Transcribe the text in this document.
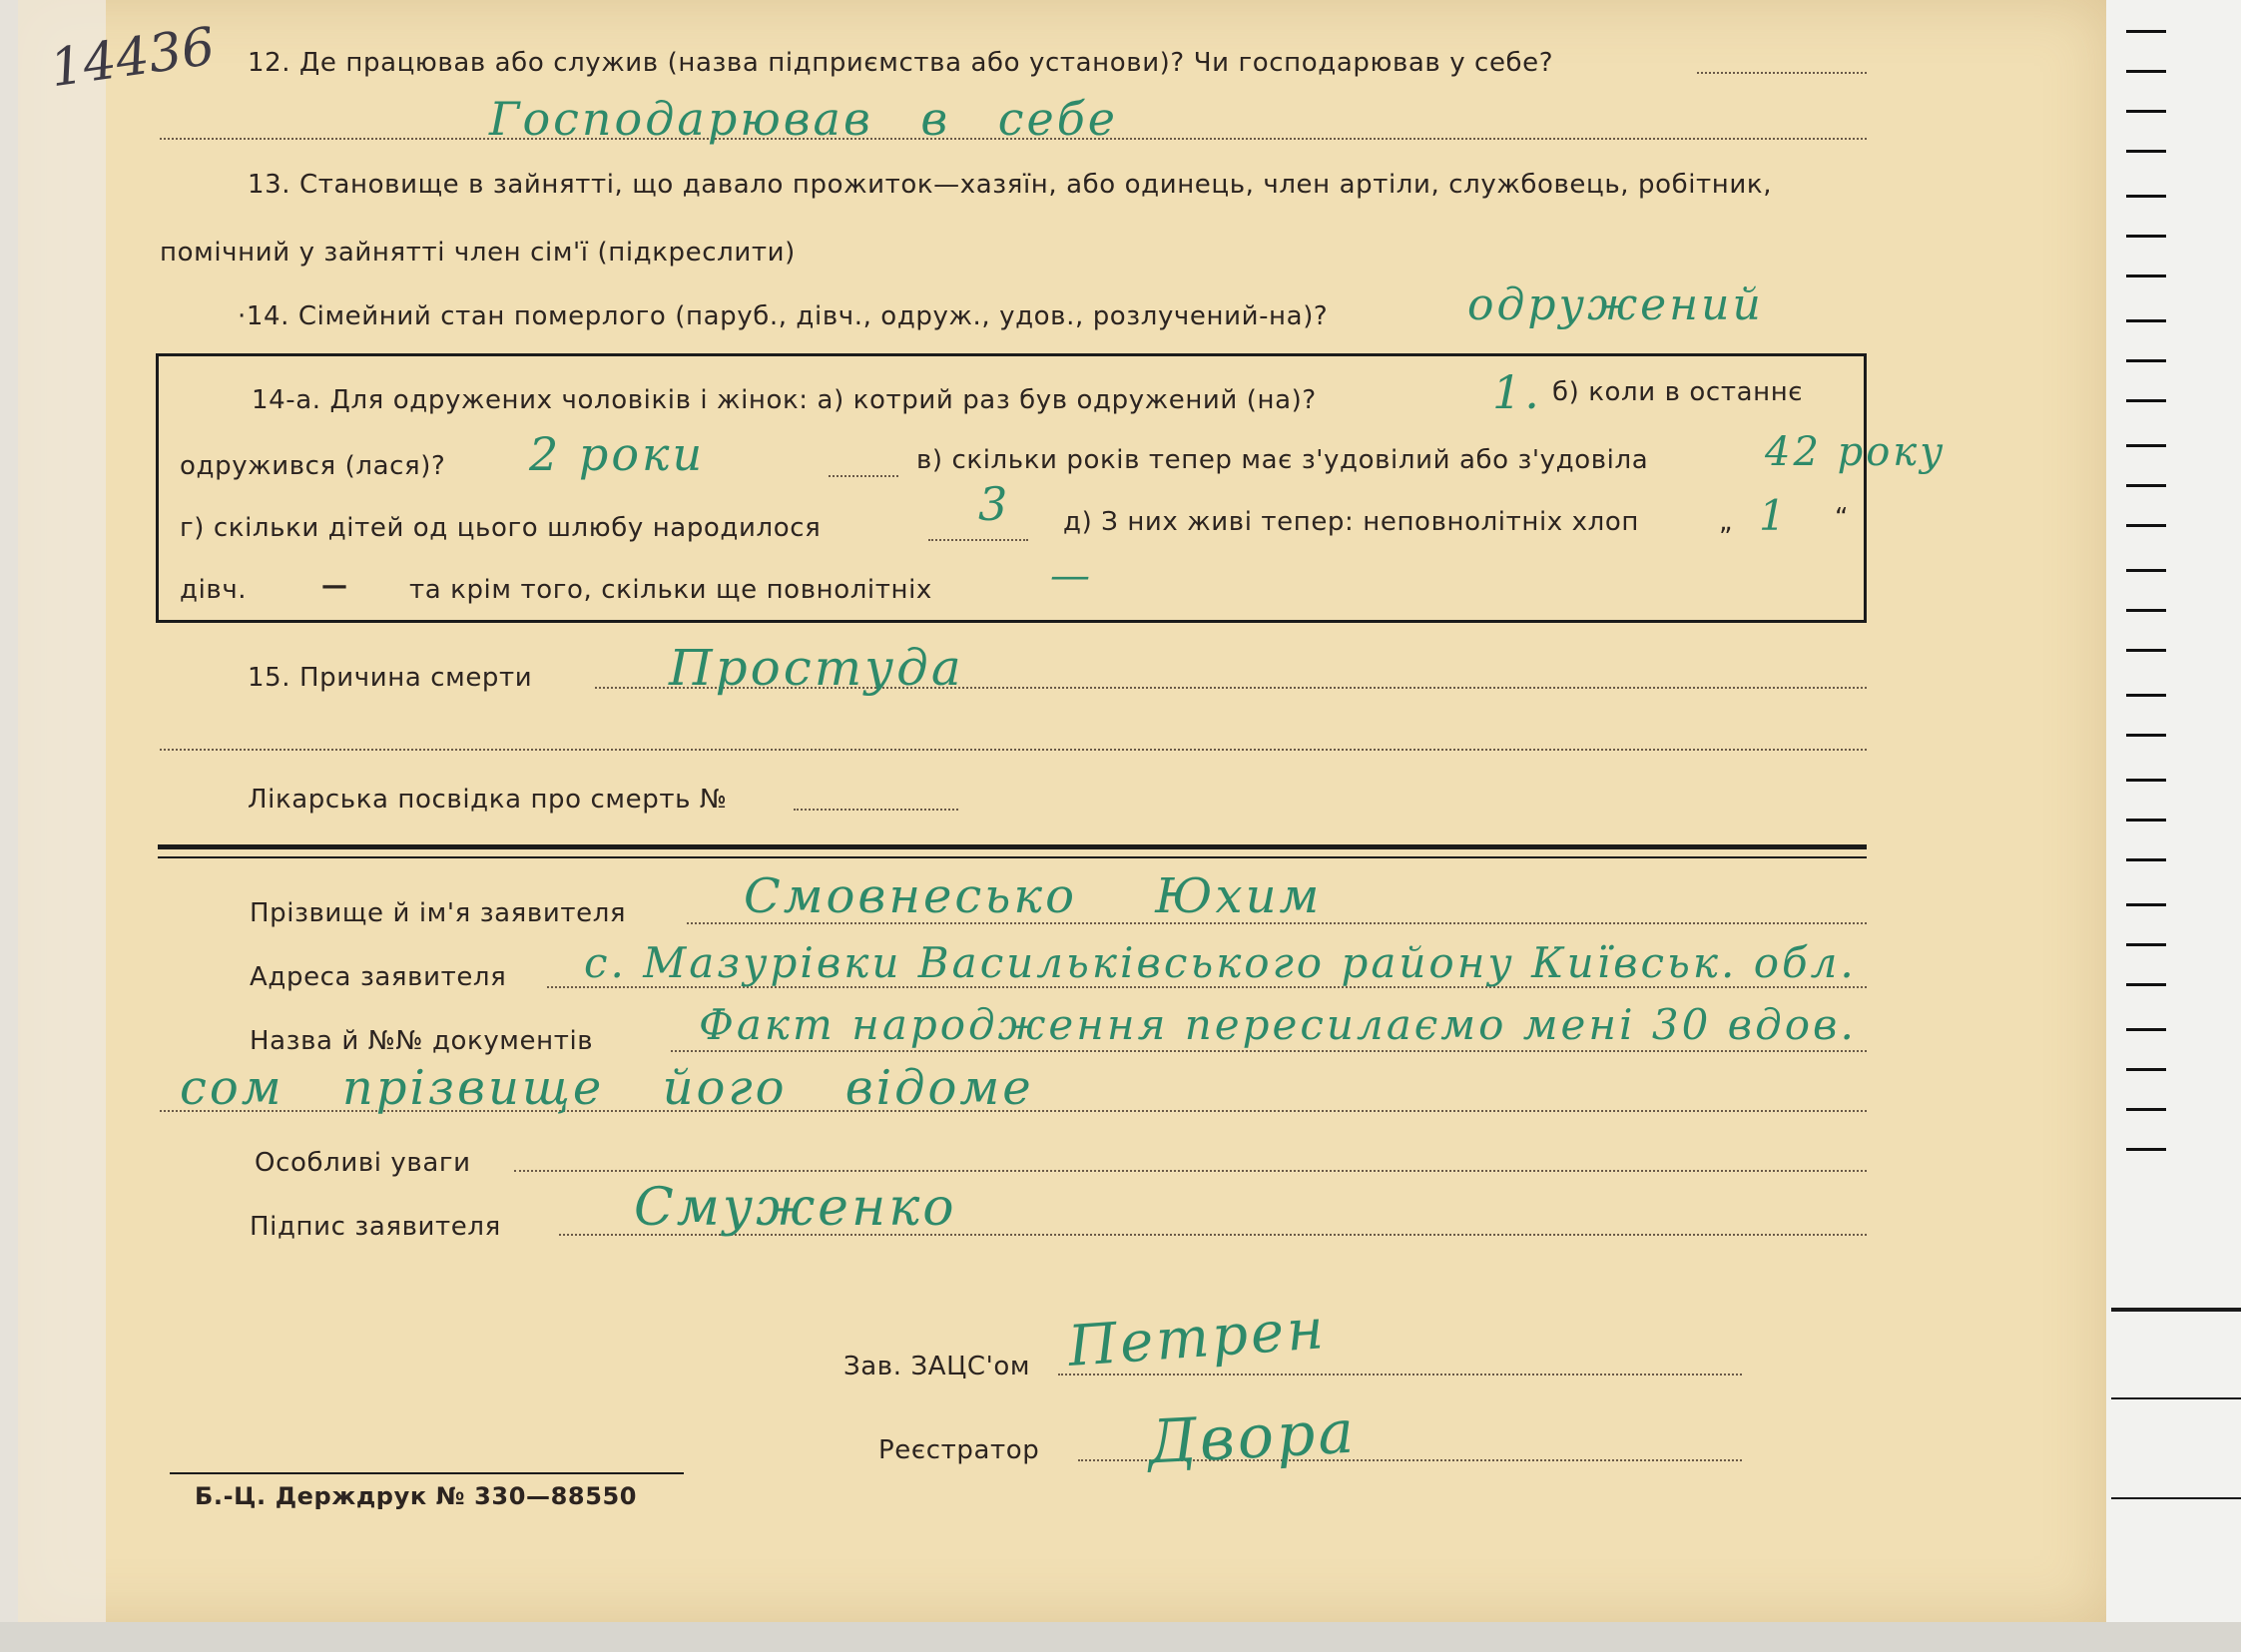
14436 12. Де працював або служив (назва підприємства або установи)? Чи господарював у себе?
Господарював в себе
13. Становище в зайнятті, що давало прожиток—хазяїн, або одинець, член артіли, службовець, робітник,
помічний у зайнятті член сім'ї (підкреслити)
·14. Сімейний стан померлого (паруб., дівч., одруж., удов., розлучений-на)?	одружений
14-а. Для одружених чоловіків і жінок: а) котрий раз був одружений (на)?	1. б) коли в останнє
одружився (лася)? 2 роки	в) скільки років тепер має з'удовілий або з'удовіла	42 року
г) скільки дітей од цього шлюбу народилося	3 д) З них живі тепер: неповнолітніх хлоп	„ 1 “
дівч.	— та крім того, скільки ще повнолітніх	—
15. Причина смерти	Простуда
Лікарська посвідка про смерть №
Прізвище й ім'я заявителя Смовнесько Юхим
Адреса заявителя с. Мазурівки Васильківського району Київськ. обл.
Назва й №№ документів	Факт народження пересилаємо мені 30 вдов.
сом прізвище його відоме
Особливі уваги
Підпис заявителя	Смуженко
Зав. ЗАЦС'ом Петрен
Реєстратор Двора
Б.-Ц. Держдрук № 330—88550
